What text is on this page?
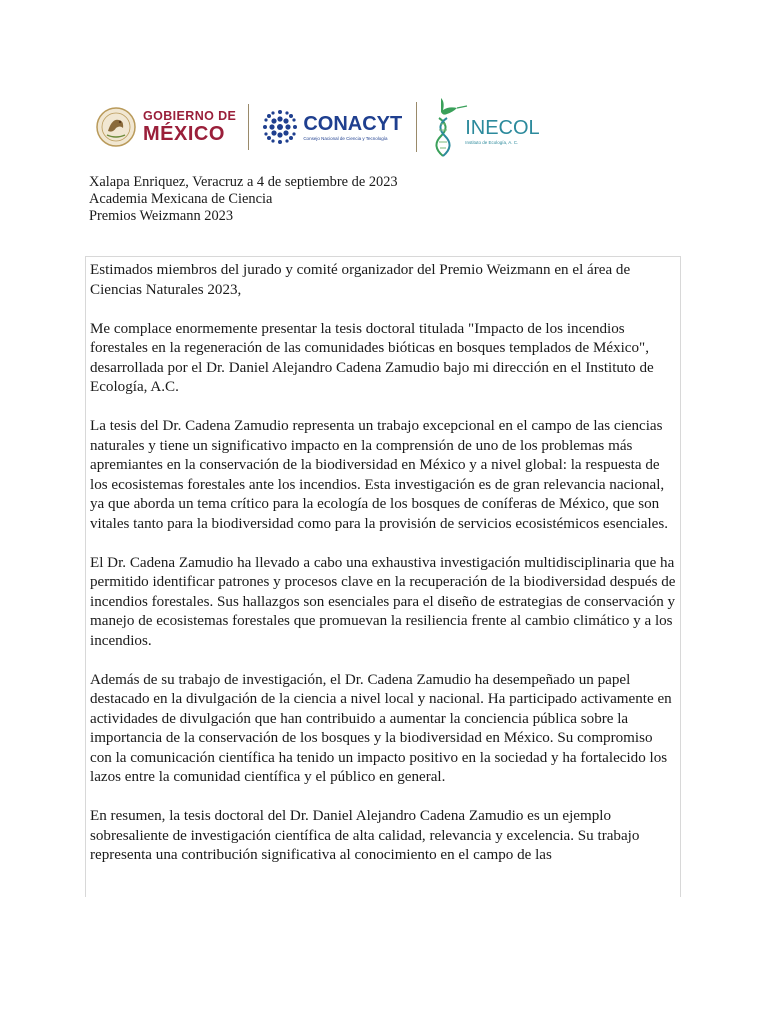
GOBIERNO DE
MÉXICO	CONACYT
Consejo Nacional de Ciencia y Tecnología	INECOL
Instituto de Ecología, A. C.
Xalapa Enriquez, Veracruz a 4 de septiembre de 2023
Academia Mexicana de Ciencia
Premios Weizmann 2023

Estimados miembros del jurado y comité organizador del Premio Weizmann en el área de Ciencias Naturales 2023,

Me complace enormemente presentar la tesis doctoral titulada "Impacto de los incendios forestales en la regeneración de las comunidades bióticas en bosques templados de México", desarrollada por el Dr. Daniel Alejandro Cadena Zamudio bajo mi dirección en el Instituto de Ecología, A.C.

La tesis del Dr. Cadena Zamudio representa un trabajo excepcional en el campo de las ciencias naturales y tiene un significativo impacto en la comprensión de uno de los problemas más apremiantes en la conservación de la biodiversidad en México y a nivel global: la respuesta de los ecosistemas forestales ante los incendios. Esta investigación es de gran relevancia nacional, ya que aborda un tema crítico para la ecología de los bosques de coníferas de México, que son vitales tanto para la biodiversidad como para la provisión de servicios ecosistémicos esenciales.

El Dr. Cadena Zamudio ha llevado a cabo una exhaustiva investigación multidisciplinaria que ha permitido identificar patrones y procesos clave en la recuperación de la biodiversidad después de incendios forestales. Sus hallazgos son esenciales para el diseño de estrategias de conservación y manejo de ecosistemas forestales que promuevan la resiliencia frente al cambio climático y a los incendios.

Además de su trabajo de investigación, el Dr. Cadena Zamudio ha desempeñado un papel destacado en la divulgación de la ciencia a nivel local y nacional. Ha participado activamente en actividades de divulgación que han contribuido a aumentar la conciencia pública sobre la importancia de la conservación de los bosques y la biodiversidad en México. Su compromiso con la comunicación científica ha tenido un impacto positivo en la sociedad y ha fortalecido los lazos entre la comunidad científica y el público en general.

En resumen, la tesis doctoral del Dr. Daniel Alejandro Cadena Zamudio es un ejemplo sobresaliente de investigación científica de alta calidad, relevancia y excelencia. Su trabajo representa una contribución significativa al conocimiento en el campo de las
